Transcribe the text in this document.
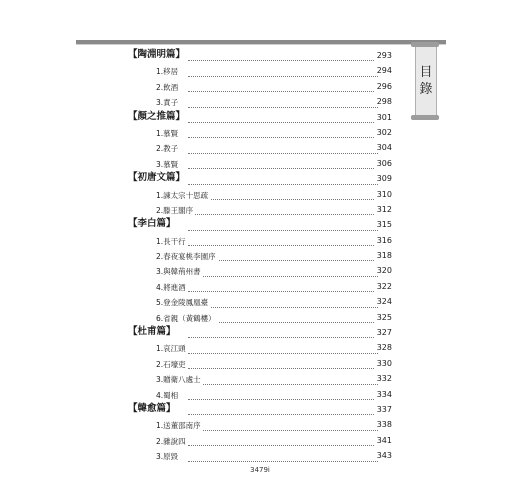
【陶淵明篇】	293
1.移居	294
2.飲酒	296
3.責子	298
【顏之推篇】	301
1.慕賢	302
2.教子	304
3.慕賢	306
【初唐文篇】	309
1.諫太宗十思疏	310
2.滕王閣序	312
【李白篇】	315
1.長干行	316
2.春夜宴桃李園序	318
3.與韓荊州書	320
4.將進酒	322
5.登金陵鳳凰臺	324
6.省親（黃鶴樓）	325
【杜甫篇】	327
1.哀江頭	328
2.石壕吏	330
3.贈衛八處士	332
4.蜀相	334
【韓愈篇】	337
1.送董邵南序	338
2.雜說四	341
3.原毀	343
目
錄
3479i
